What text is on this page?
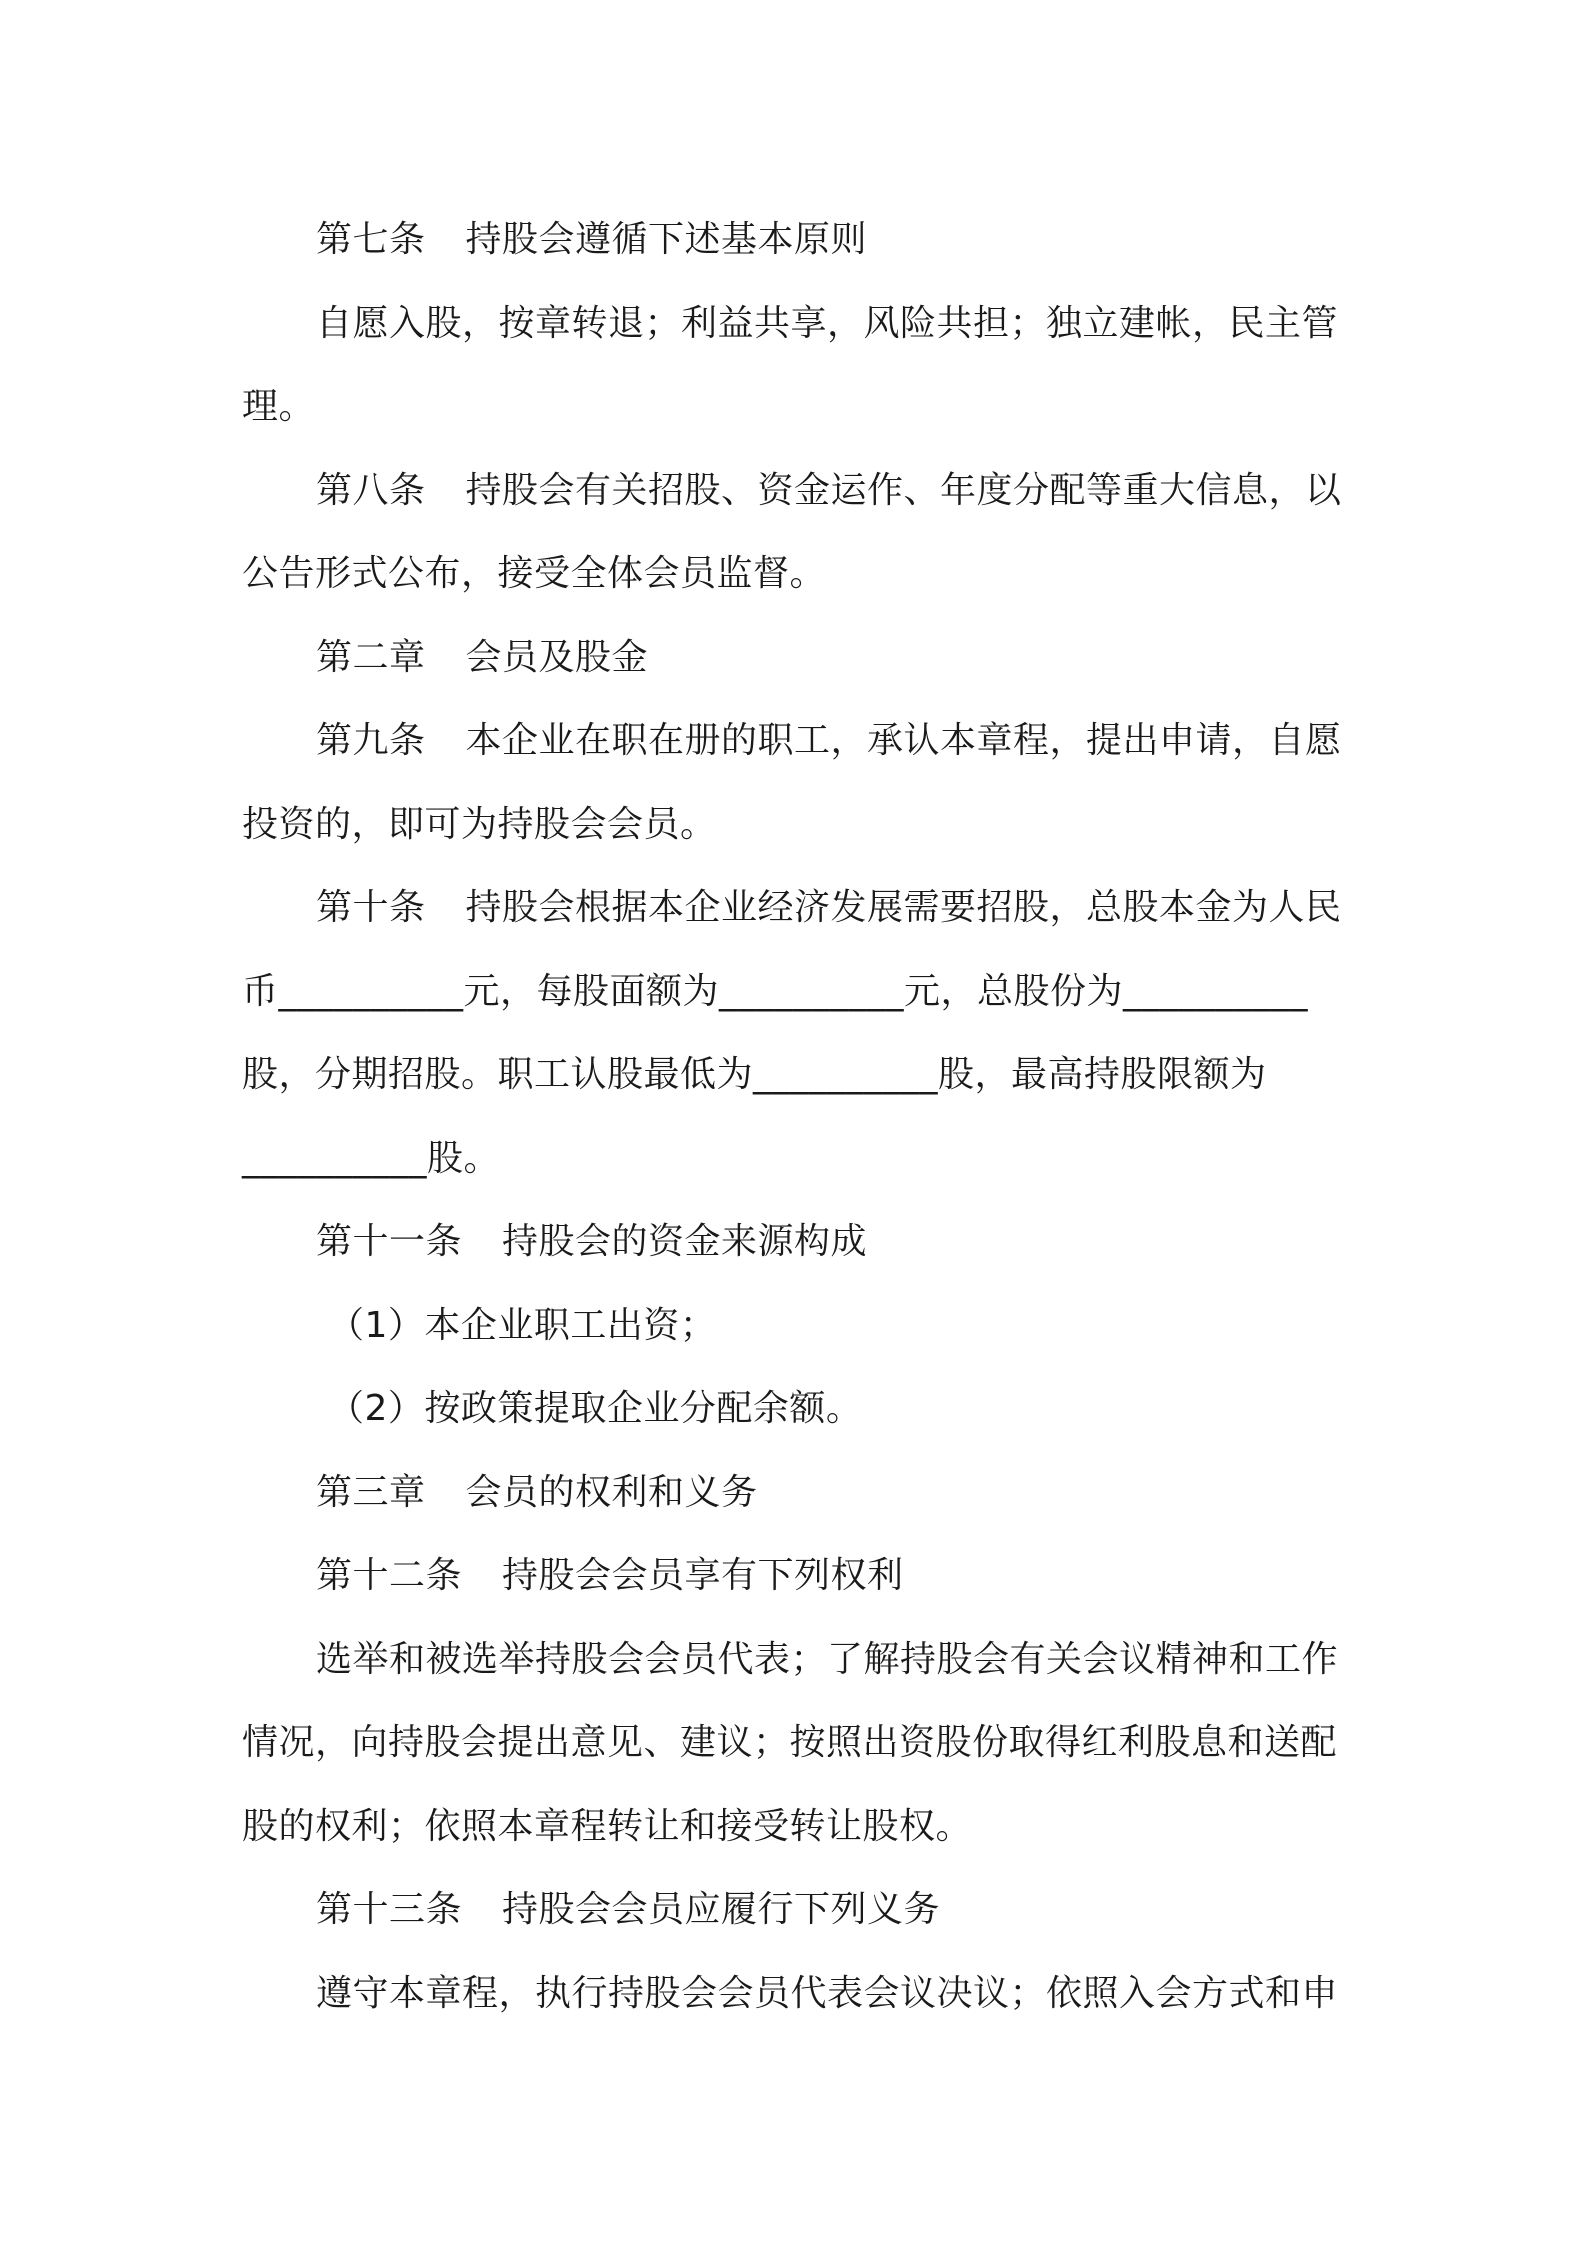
第七条 持股会遵循下述基本原则
自愿入股，按章转退；利益共享，风险共担；独立建帐，民主管
理。
第八条 持股会有关招股、资金运作、年度分配等重大信息，以
公告形式公布，接受全体会员监督。
第二章 会员及股金
第九条 本企业在职在册的职工，承认本章程，提出申请，自愿
投资的，即可为持股会会员。
第十条 持股会根据本企业经济发展需要招股，总股本金为人民
币__________元，每股面额为__________元，总股份为__________
股，分期招股。职工认股最低为__________股，最高持股限额为
__________股。
第十一条 持股会的资金来源构成
（1）本企业职工出资；
（2）按政策提取企业分配余额。
第三章 会员的权利和义务
第十二条 持股会会员享有下列权利
选举和被选举持股会会员代表；了解持股会有关会议精神和工作
情况，向持股会提出意见、建议；按照出资股份取得红利股息和送配
股的权利；依照本章程转让和接受转让股权。
第十三条 持股会会员应履行下列义务
遵守本章程，执行持股会会员代表会议决议；依照入会方式和申
